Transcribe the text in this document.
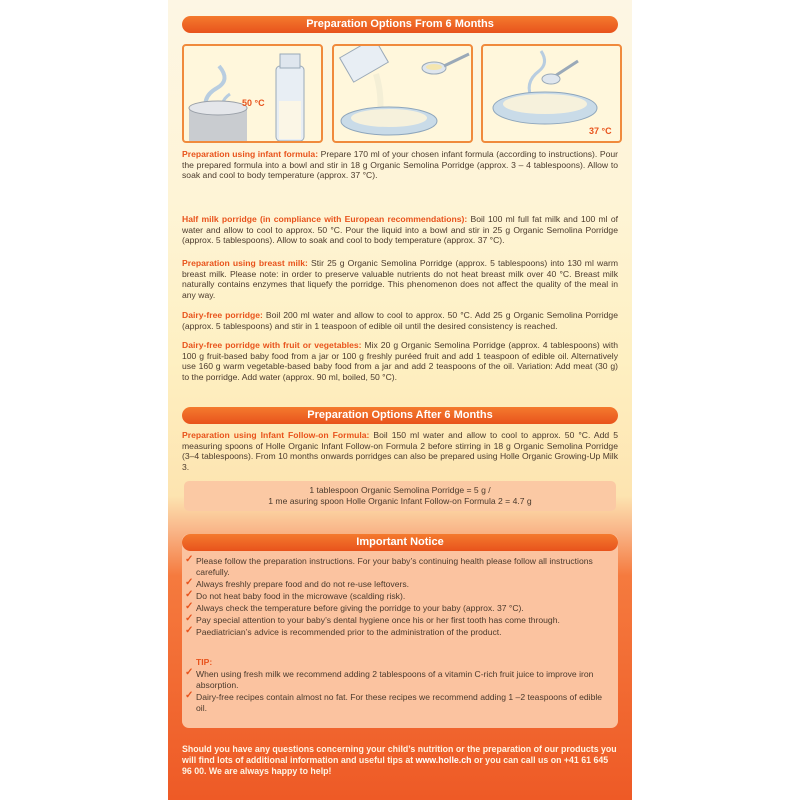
Preparation Options From 6 Months
50 °C
37 °C
Preparation using infant formula: Prepare 170 ml of your chosen infant formula (according to instructions). Pour the prepared formula into a bowl and stir in 18 g Organic Semolina Porridge (approx. 3 – 4 tablespoons). Allow to soak and cool to body temperature (approx. 37 °C).
Half milk porridge (in compliance with European recommendations): Boil 100 ml full fat milk and 100 ml of water and allow to cool to approx. 50 °C. Pour the liquid into a bowl and stir in 25 g Organic Semolina Porridge (approx. 5 tablespoons). Allow to soak and cool to body temperature (approx. 37 °C).
Preparation using breast milk: Stir 25 g Organic Semolina Porridge (approx. 5 tablespoons) into 130 ml warm breast milk. Please note: in order to preserve valuable nutrients do not heat breast milk over 40 °C. Breast milk naturally contains enzymes that liquefy the porridge. This phenomenon does not affect the quality of the meal in any way.
Dairy-free porridge: Boil 200 ml water and allow to cool to approx. 50 °C. Add 25 g Organic Semolina Porridge (approx. 5 tablespoons) and stir in 1 teaspoon of edible oil until the desired consistency is reached.
Dairy-free porridge with fruit or vegetables: Mix 20 g Organic Semolina Porridge (approx. 4 tablespoons) with 100 g fruit-based baby food from a jar or 100 g freshly puréed fruit and add 1 teaspoon of edible oil. Alternatively use 160 g warm vegetable-based baby food from a jar and add 2 teaspoons of the oil. Variation: Add meat (30 g) to the porridge. Add water (approx. 90 ml, boiled, 50 °C).
Preparation Options After 6 Months
Preparation using Infant Follow-on Formula: Boil 150 ml water and allow to cool to approx. 50 °C. Add 5 measuring spoons of Holle Organic Infant Follow-on Formula 2 before stirring in 18 g Organic Semolina Porridge (3–4 tablespoons). From 10 months onwards porridges can also be prepared using Holle Organic Growing-Up Milk 3.
1 tablespoon Organic Semolina Porridge = 5 g /
1 me asuring spoon Holle Organic Infant Follow-on Formula 2 = 4.7 g
Important Notice
✓ Please follow the preparation instructions. For your baby’s continuing health please follow all instructions carefully.
✓ Always freshly prepare food and do not re-use leftovers.
✓ Do not heat baby food in the microwave (scalding risk).
✓ Always check the temperature before giving the porridge to your baby (approx. 37 °C).
✓ Pay special attention to your baby’s dental hygiene once his or her first tooth has come through.
✓ Paediatrician’s advice is recommended prior to the administration of the product.
TIP:
✓ When using fresh milk we recommend adding 2 tablespoons of a vitamin C-rich fruit juice to improve iron absorption.
✓ Dairy-free recipes contain almost no fat. For these recipes we recommend adding 1 –2 teaspoons of edible oil.
Should you have any questions concerning your child’s nutrition or the preparation of our products you will find lots of additional information and useful tips at www.holle.ch or you can call us on +41 61 645 96 00. We are always happy to help!
